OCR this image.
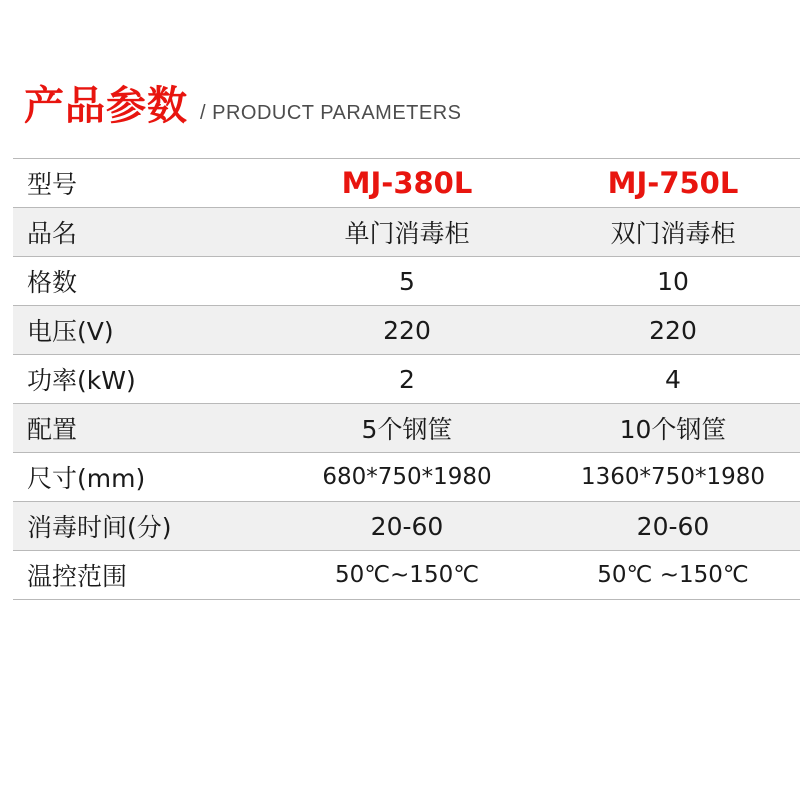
产品参数 / PRODUCT PARAMETERS
型号	MJ-380L	MJ-750L
品名	单门消毒柜	双门消毒柜
格数	5	10
电压(V)	220	220
功率(kW)	2	4
配置	5个钢筐	10个钢筐
尺寸(mm)	680*750*1980	1360*750*1980
消毒时间(分)	20-60	20-60
温控范围	50℃~150℃	50℃ ~150℃
